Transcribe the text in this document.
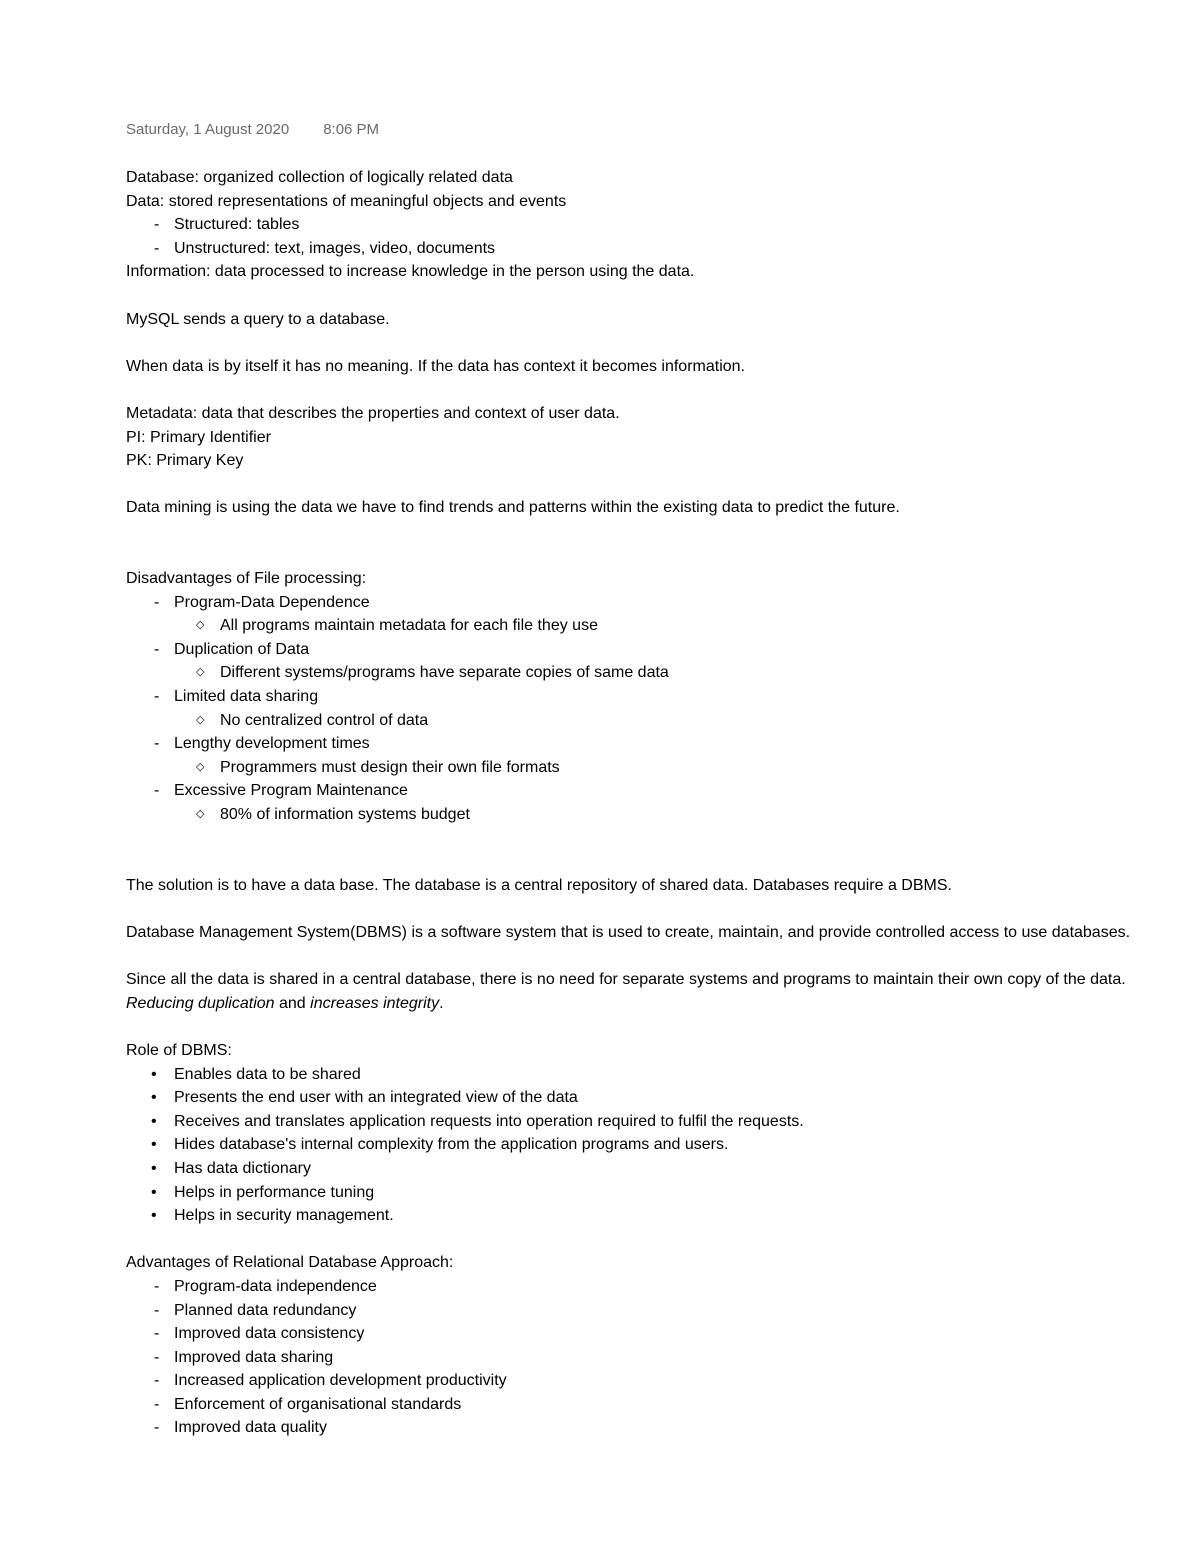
Saturday, 1 August 2020 8:06 PM
Database: organized collection of logically related data
Data: stored representations of meaningful objects and events
- Structured: tables
- Unstructured: text, images, video, documents
Information: data processed to increase knowledge in the person using the data.
MySQL sends a query to a database.
When data is by itself it has no meaning. If the data has context it becomes information.
Metadata: data that describes the properties and context of user data.
PI: Primary Identifier
PK: Primary Key
Data mining is using the data we have to find trends and patterns within the existing data to predict the future.
Disadvantages of File processing:
- Program-Data Dependence
◇ All programs maintain metadata for each file they use
- Duplication of Data
◇ Different systems/programs have separate copies of same data
- Limited data sharing
◇ No centralized control of data
- Lengthy development times
◇ Programmers must design their own file formats
- Excessive Program Maintenance
◇ 80% of information systems budget
The solution is to have a data base. The database is a central repository of shared data. Databases require a DBMS.
Database Management System(DBMS) is a software system that is used to create, maintain, and provide controlled access to use databases.
Since all the data is shared in a central database, there is no need for separate systems and programs to maintain their own copy of the data. Reducing duplication and increases integrity.
Role of DBMS:
• Enables data to be shared
• Presents the end user with an integrated view of the data
• Receives and translates application requests into operation required to fulfil the requests.
• Hides database's internal complexity from the application programs and users.
• Has data dictionary
• Helps in performance tuning
• Helps in security management.
Advantages of Relational Database Approach:
- Program-data independence
- Planned data redundancy
- Improved data consistency
- Improved data sharing
- Increased application development productivity
- Enforcement of organisational standards
- Improved data quality
